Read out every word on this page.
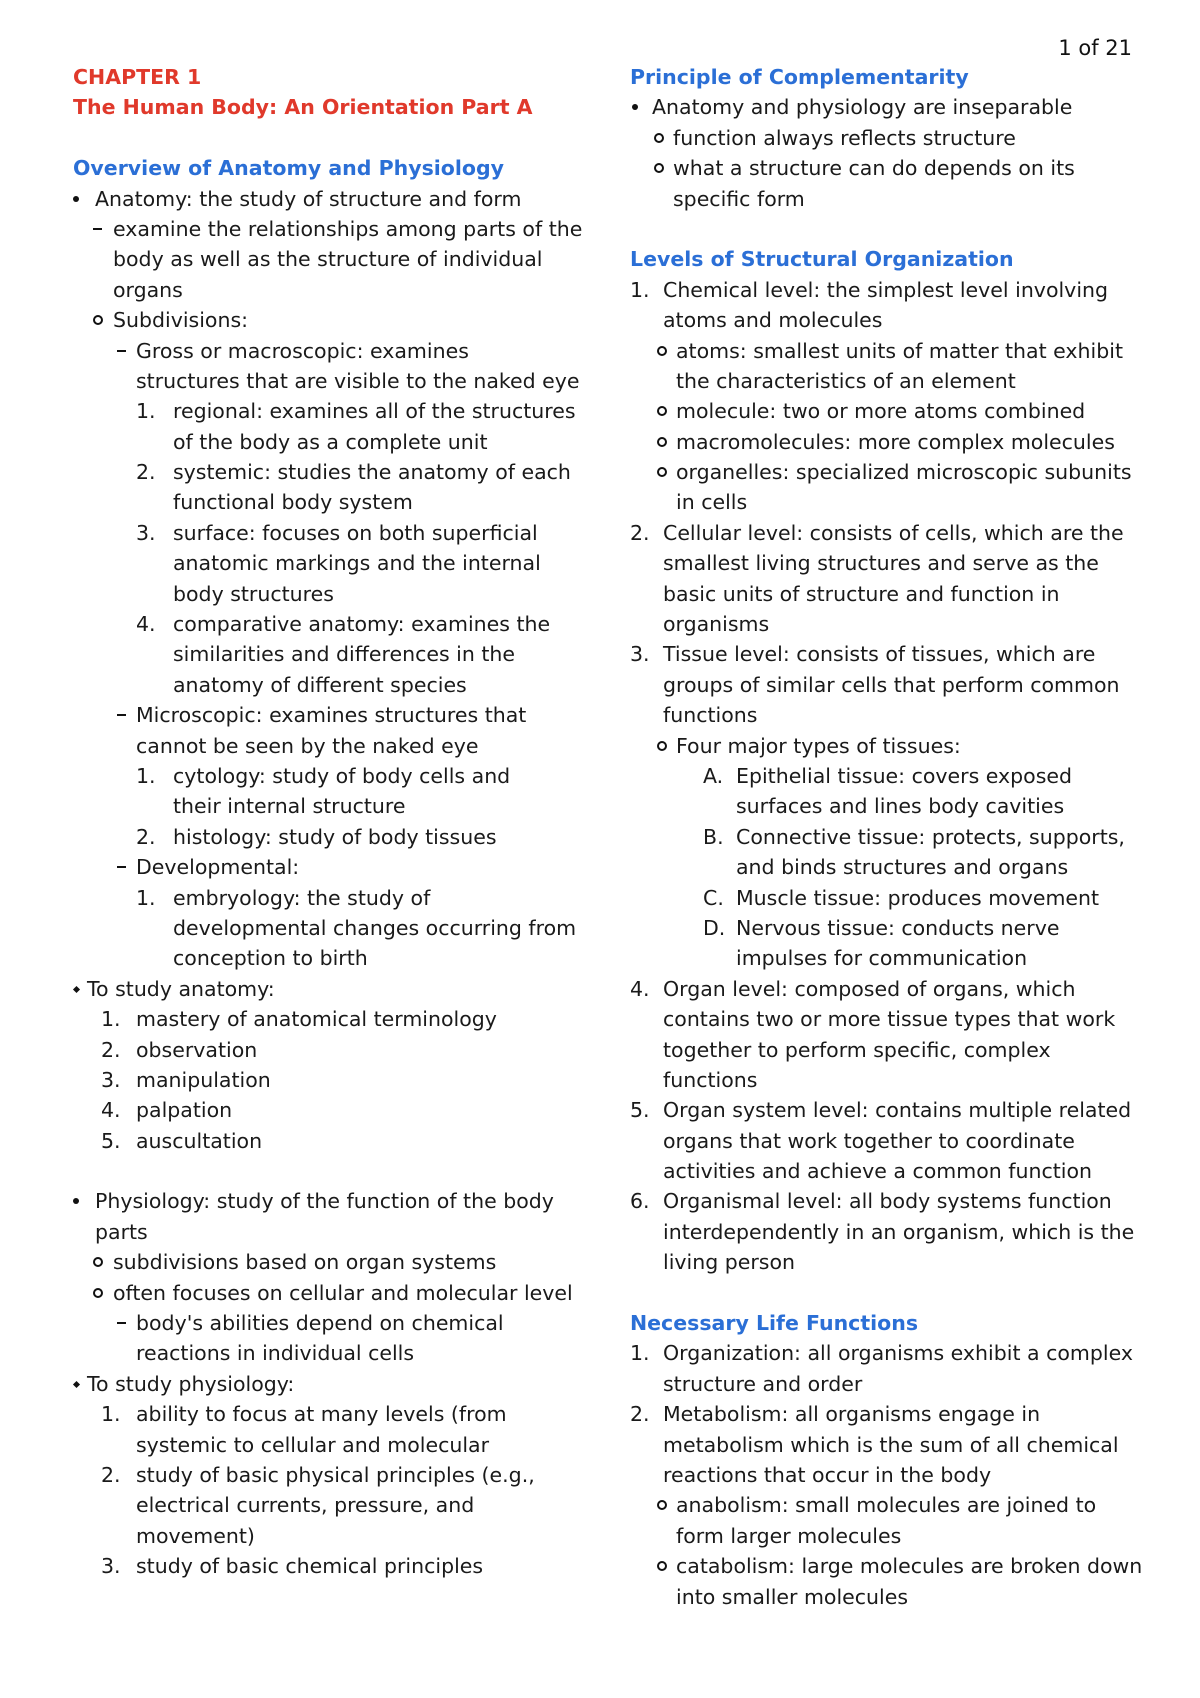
1 of 21
CHAPTER 1
The Human Body: An Orientation Part A
Overview of Anatomy and Physiology
Anatomy: the study of structure and form
examine the relationships among parts of the
body as well as the structure of individual
organs
Subdivisions:
Gross or macroscopic: examines
structures that are visible to the naked eye
1. regional: examines all of the structures
of the body as a complete unit
2. systemic: studies the anatomy of each
functional body system
3. surface: focuses on both superficial
anatomic markings and the internal
body structures
4. comparative anatomy: examines the
similarities and differences in the
anatomy of different species
Microscopic: examines structures that
cannot be seen by the naked eye
1. cytology: study of body cells and
their internal structure
2. histology: study of body tissues
Developmental:
1. embryology: the study of
developmental changes occurring from
conception to birth
To study anatomy:
1. mastery of anatomical terminology
2. observation
3. manipulation
4. palpation
5. auscultation
Physiology: study of the function of the body
parts
subdivisions based on organ systems
often focuses on cellular and molecular level
body's abilities depend on chemical
reactions in individual cells
To study physiology:
1. ability to focus at many levels (from
systemic to cellular and molecular
2. study of basic physical principles (e.g.,
electrical currents, pressure, and
movement)
3. study of basic chemical principles
Principle of Complementarity
Anatomy and physiology are inseparable
function always reflects structure
what a structure can do depends on its
specific form
Levels of Structural Organization
1. Chemical level: the simplest level involving
atoms and molecules
atoms: smallest units of matter that exhibit
the characteristics of an element
molecule: two or more atoms combined
macromolecules: more complex molecules
organelles: specialized microscopic subunits
in cells
2. Cellular level: consists of cells, which are the
smallest living structures and serve as the
basic units of structure and function in
organisms
3. Tissue level: consists of tissues, which are
groups of similar cells that perform common
functions
Four major types of tissues:
A. Epithelial tissue: covers exposed
surfaces and lines body cavities
B. Connective tissue: protects, supports,
and binds structures and organs
C. Muscle tissue: produces movement
D. Nervous tissue: conducts nerve
impulses for communication
4. Organ level: composed of organs, which
contains two or more tissue types that work
together to perform specific, complex
functions
5. Organ system level: contains multiple related
organs that work together to coordinate
activities and achieve a common function
6. Organismal level: all body systems function
interdependently in an organism, which is the
living person
Necessary Life Functions
1. Organization: all organisms exhibit a complex
structure and order
2. Metabolism: all organisms engage in
metabolism which is the sum of all chemical
reactions that occur in the body
anabolism: small molecules are joined to
form larger molecules
catabolism: large molecules are broken down
into smaller molecules
